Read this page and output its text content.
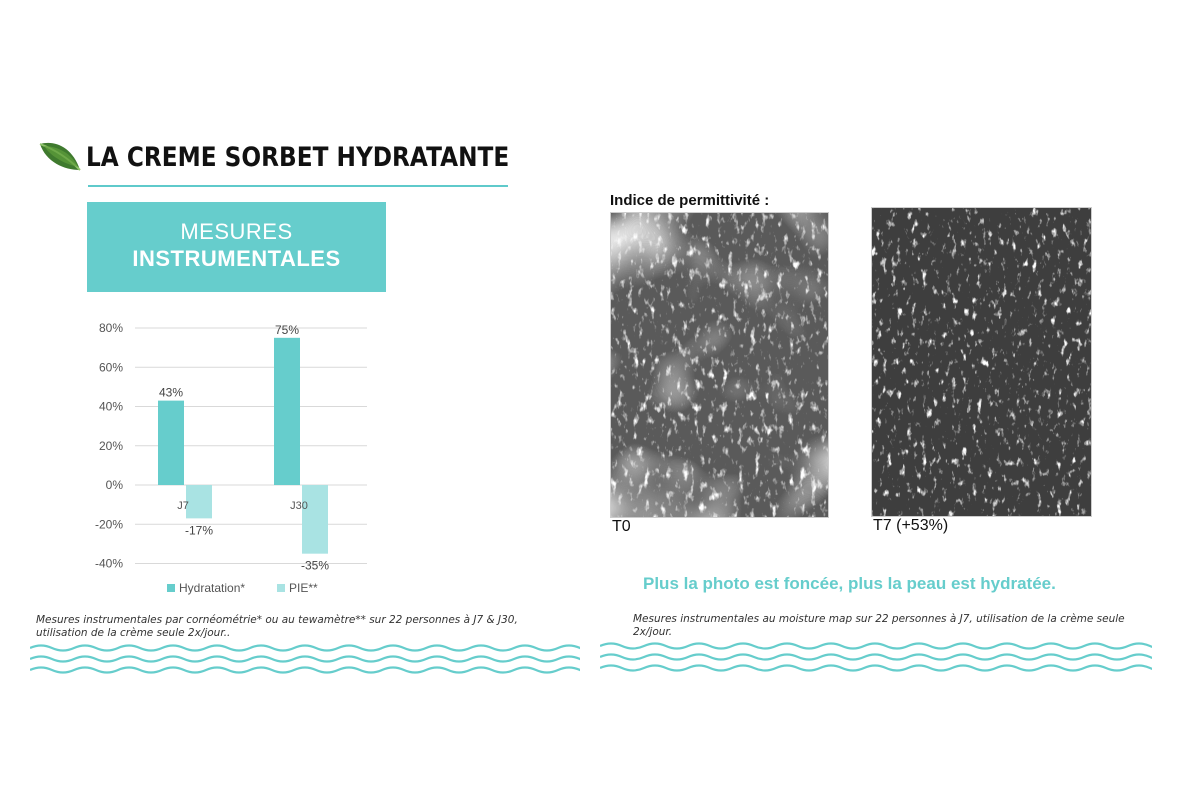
LA CREME SORBET HYDRATANTE
MESURES
INSTRUMENTALES
80%
60%
40%
20%
0%
-20%
-40%
43%
75%
-17%
-35%
J7	J30
Hydratation*	PIE**
Mesures instrumentales par cornéométrie* ou au tewamètre** sur 22 personnes à J7 & J30, utilisation de la crème seule 2x/jour..
Indice de permittivité :
T0	T7 (+53%)
Plus la photo est foncée, plus la peau est hydratée.
Mesures instrumentales au moisture map sur 22 personnes à J7, utilisation de la crème seule 2x/jour.
